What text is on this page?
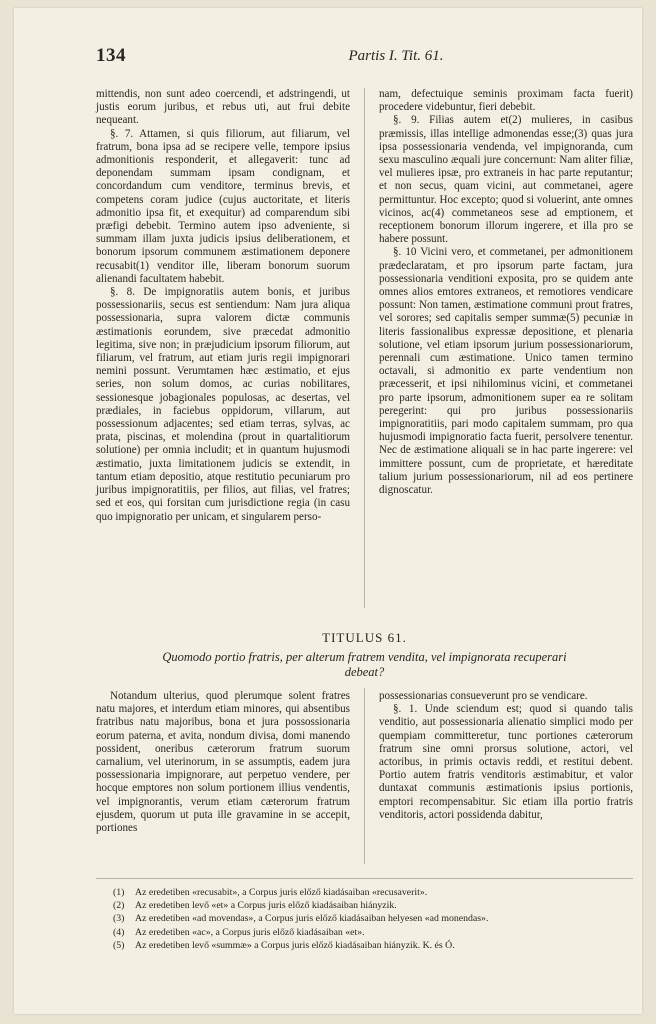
134	Partis I. Tit. 61.

mittendis, non sunt adeo coercendi, et adstringendi, ut justis eorum juribus, et rebus uti, aut frui debite nequeant.

§. 7. Attamen, si quis filiorum, aut filiarum, vel fratrum, bona ipsa ad se recipere velle, tempore ipsius admonitionis responderit, et allegaverit: tunc ad deponendam summam ipsam condignam, et concordandum cum venditore, terminus brevis, et competens coram judice (cujus auctoritate, et literis admonitio ipsa fit, et exequitur) ad comparendum sibi præfigi debebit. Termino autem ipso adveniente, si summam illam juxta judicis ipsius deliberationem, et bonorum ipsorum communem æstimationem deponere recusabit(1) venditor ille, liberam bonorum suorum alienandi facultatem habebit.

§. 8. De impignoratiis autem bonis, et juribus possessionariis, secus est sentiendum: Nam jura aliqua possessionaria, supra valorem dictæ communis æstimationis eorundem, sive præcedat admonitio legitima, sive non; in præjudicium ipsorum filiorum, aut filiarum, vel fratrum, aut etiam juris regii impignorari nemini possunt. Verumtamen hæc æstimatio, et ejus series, non solum domos, ac curias nobilitares, sessionesque jobagionales populosas, ac desertas, vel prædiales, in faciebus oppidorum, villarum, aut possessionum adjacentes; sed etiam terras, sylvas, ac prata, piscinas, et molendina (prout in quartalitiorum solutione) per omnia includit; et in quantum hujusmodi æstimatio, juxta limitationem judicis se extendit, in tantum etiam depositio, atque restitutio pecuniarum pro juribus impignoratitiis, per filios, aut filias, vel fratres; sed et eos, qui forsitan cum jurisdictione regia (in casu quo impignoratio per unicam, et singularem perso-

nam, defectuique seminis proximam facta fuerit) procedere videbuntur, fieri debebit.

§. 9. Filias autem et(2) mulieres, in casibus præmissis, illas intellige admonendas esse;(3) quas jura ipsa possessionaria vendenda, vel impignoranda, cum sexu masculino æquali jure concernunt: Nam aliter filiæ, vel mulieres ipsæ, pro extraneis in hac parte reputantur; et non secus, quam vicini, aut commetanei, agere permittuntur. Hoc excepto; quod si voluerint, ante omnes vicinos, ac(4) commetaneos sese ad emptionem, et receptionem bonorum illorum ingerere, et illa pro se habere possunt.

§. 10 Vicini vero, et commetanei, per admonitionem prædeclaratam, et pro ipsorum parte factam, jura possessionaria venditioni exposita, pro se quidem ante omnes alios emtores extraneos, et remotiores vendicare possunt: Non tamen, æstimatione communi prout fratres, vel sorores; sed capitalis semper summæ(5) pecuniæ in literis fassionalibus expressæ depositione, et plenaria solutione, vel etiam ipsorum jurium possessionariorum, perennali cum æstimatione. Unico tamen termino octavali, si admonitio ex parte vendentium non præcesserit, et ipsi nihilominus vicini, et commetanei pro parte ipsorum, admonitionem super ea re solitam peregerint: qui pro juribus possessionariis impignoratitiis, pari modo capitalem summam, pro qua hujusmodi impignoratio facta fuerit, persolvere tenentur. Nec de æstimatione aliquali se in hac parte ingerere: vel immittere possunt, cum de proprietate, et hæreditate talium jurium possessionariorum, nil ad eos pertinere dignoscatur.

TITULUS 61.
Quomodo portio fratris, per alterum fratrem vendita, vel impignorata recuperari
debeat?

Notandum ulterius, quod plerumque solent fratres natu majores, et interdum etiam minores, qui absentibus fratribus natu majoribus, bona et jura possossionaria eorum paterna, et avita, nondum divisa, domi manendo possident, oneribus cæterorum fratrum suorum carnalium, vel uterinorum, in se assumptis, eadem jura possessionaria impignorare, aut perpetuo vendere, per hocque emptores non solum portionem illius vendentis, vel impignorantis, verum etiam cæterorum fratrum ejusdem, quorum ut puta ille gravamine in se accepit, portiones

possessionarias consueverunt pro se vendicare.

§. 1. Unde sciendum est; quod si quando talis venditio, aut possessionaria alienatio simplici modo per quempiam committeretur, tunc portiones cæterorum fratrum sine omni prorsus solutione, actori, vel actoribus, in primis octavis reddi, et restitui debent. Portio autem fratris venditoris æstimabitur, et valor duntaxat communis æstimationis ipsius portionis, emptori recompensabitur. Sic etiam illa portio fratris venditoris, actori possidenda dabitur,

(1) Az eredetiben «recusabit», a Corpus juris előző kiadásaiban «recusaverit».
(2) Az eredetiben levő «et» a Corpus juris előző kiadásaiban hiányzik.
(3) Az eredetiben «ad movendas», a Corpus juris előző kiadásaiban helyesen «ad monendas».
(4) Az eredetiben «ac», a Corpus juris előző kiadásaiban «et».
(5) Az eredetiben levő «summæ» a Corpus juris előző kiadásaiban hiányzik. K. és Ó.
